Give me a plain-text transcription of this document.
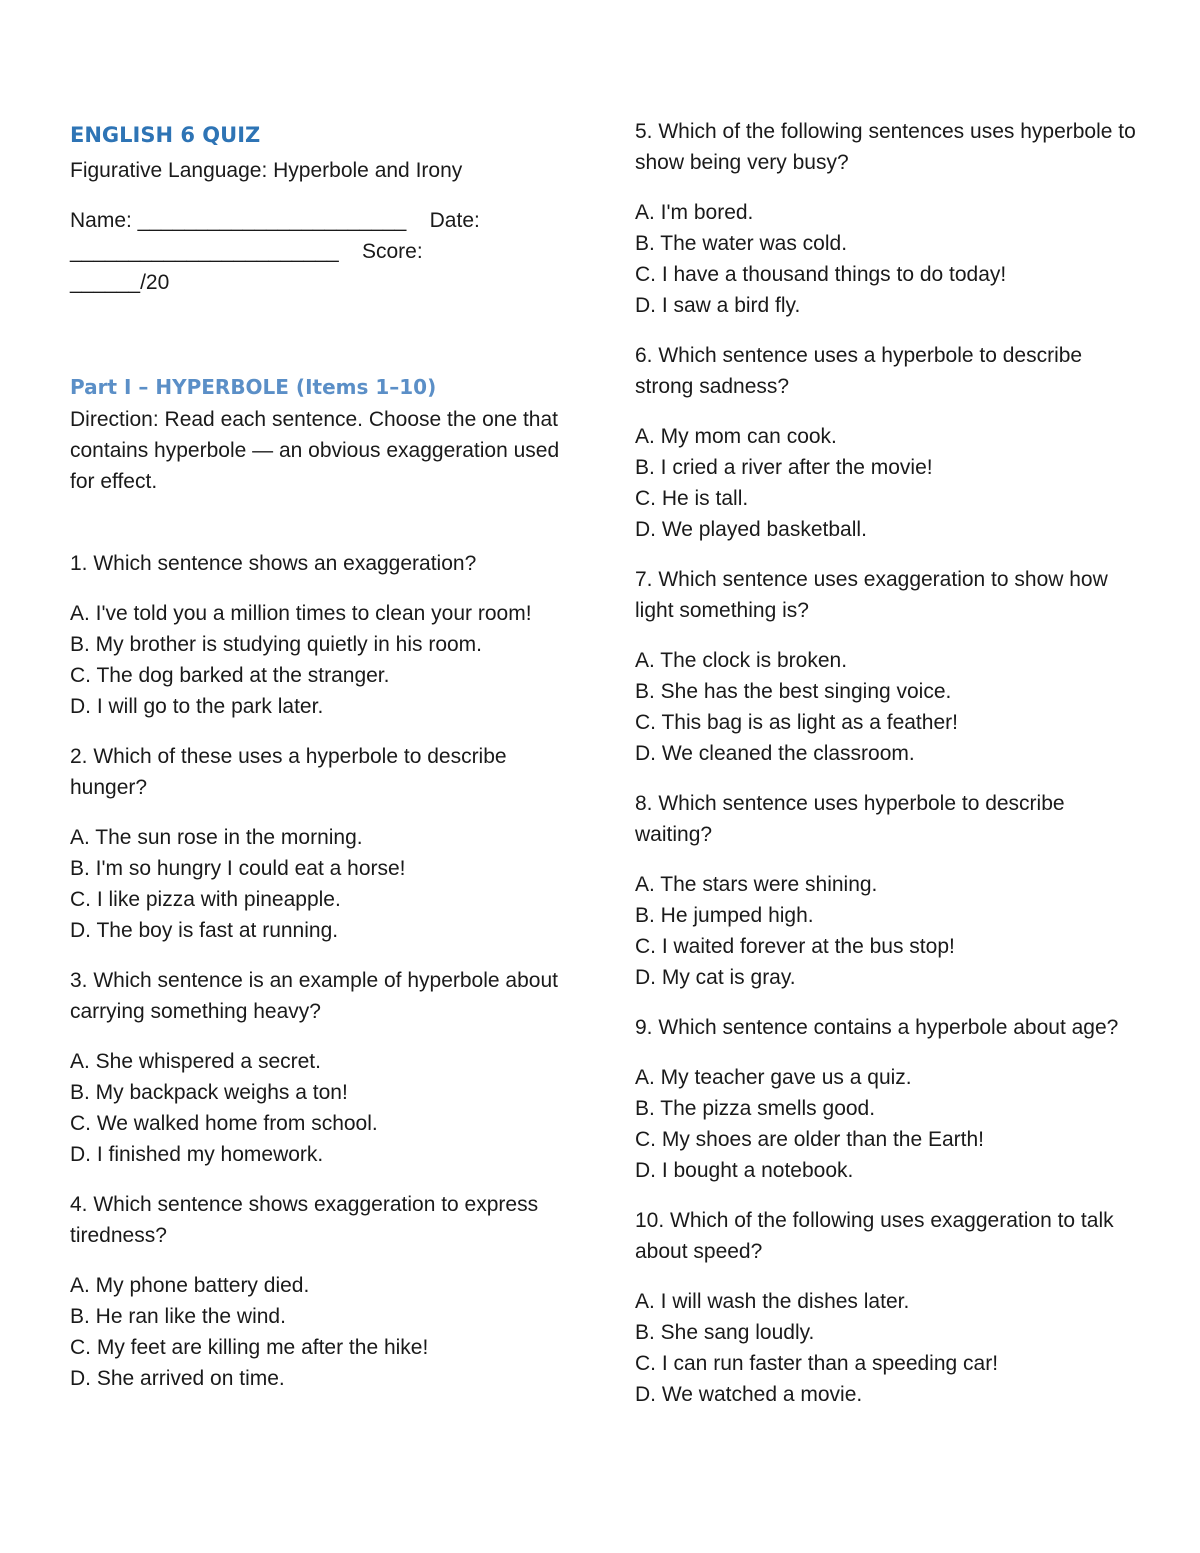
ENGLISH 6 QUIZ

Figurative Language: Hyperbole and Irony

Name: _______________________    Date:

_______________________    Score:

______/20

Part I – HYPERBOLE (Items 1–10)

Direction: Read each sentence. Choose the one that contains hyperbole — an obvious exaggeration used for effect.

1. Which sentence shows an exaggeration?

A. I've told you a million times to clean your room!

B. My brother is studying quietly in his room.

C. The dog barked at the stranger.

D. I will go to the park later.

2. Which of these uses a hyperbole to describe hunger?

A. The sun rose in the morning.

B. I'm so hungry I could eat a horse!

C. I like pizza with pineapple.

D. The boy is fast at running.

3. Which sentence is an example of hyperbole about carrying something heavy?

A. She whispered a secret.

B. My backpack weighs a ton!

C. We walked home from school.

D. I finished my homework.

4. Which sentence shows exaggeration to express tiredness?

A. My phone battery died.

B. He ran like the wind.

C. My feet are killing me after the hike!

D. She arrived on time.

5. Which of the following sentences uses hyperbole to show being very busy?

A. I'm bored.

B. The water was cold.

C. I have a thousand things to do today!

D. I saw a bird fly.

6. Which sentence uses a hyperbole to describe strong sadness?

A. My mom can cook.

B. I cried a river after the movie!

C. He is tall.

D. We played basketball.

7. Which sentence uses exaggeration to show how light something is?

A. The clock is broken.

B. She has the best singing voice.

C. This bag is as light as a feather!

D. We cleaned the classroom.

8. Which sentence uses hyperbole to describe waiting?

A. The stars were shining.

B. He jumped high.

C. I waited forever at the bus stop!

D. My cat is gray.

9. Which sentence contains a hyperbole about age?

A. My teacher gave us a quiz.

B. The pizza smells good.

C. My shoes are older than the Earth!

D. I bought a notebook.

10. Which of the following uses exaggeration to talk about speed?

A. I will wash the dishes later.

B. She sang loudly.

C. I can run faster than a speeding car!

D. We watched a movie.
